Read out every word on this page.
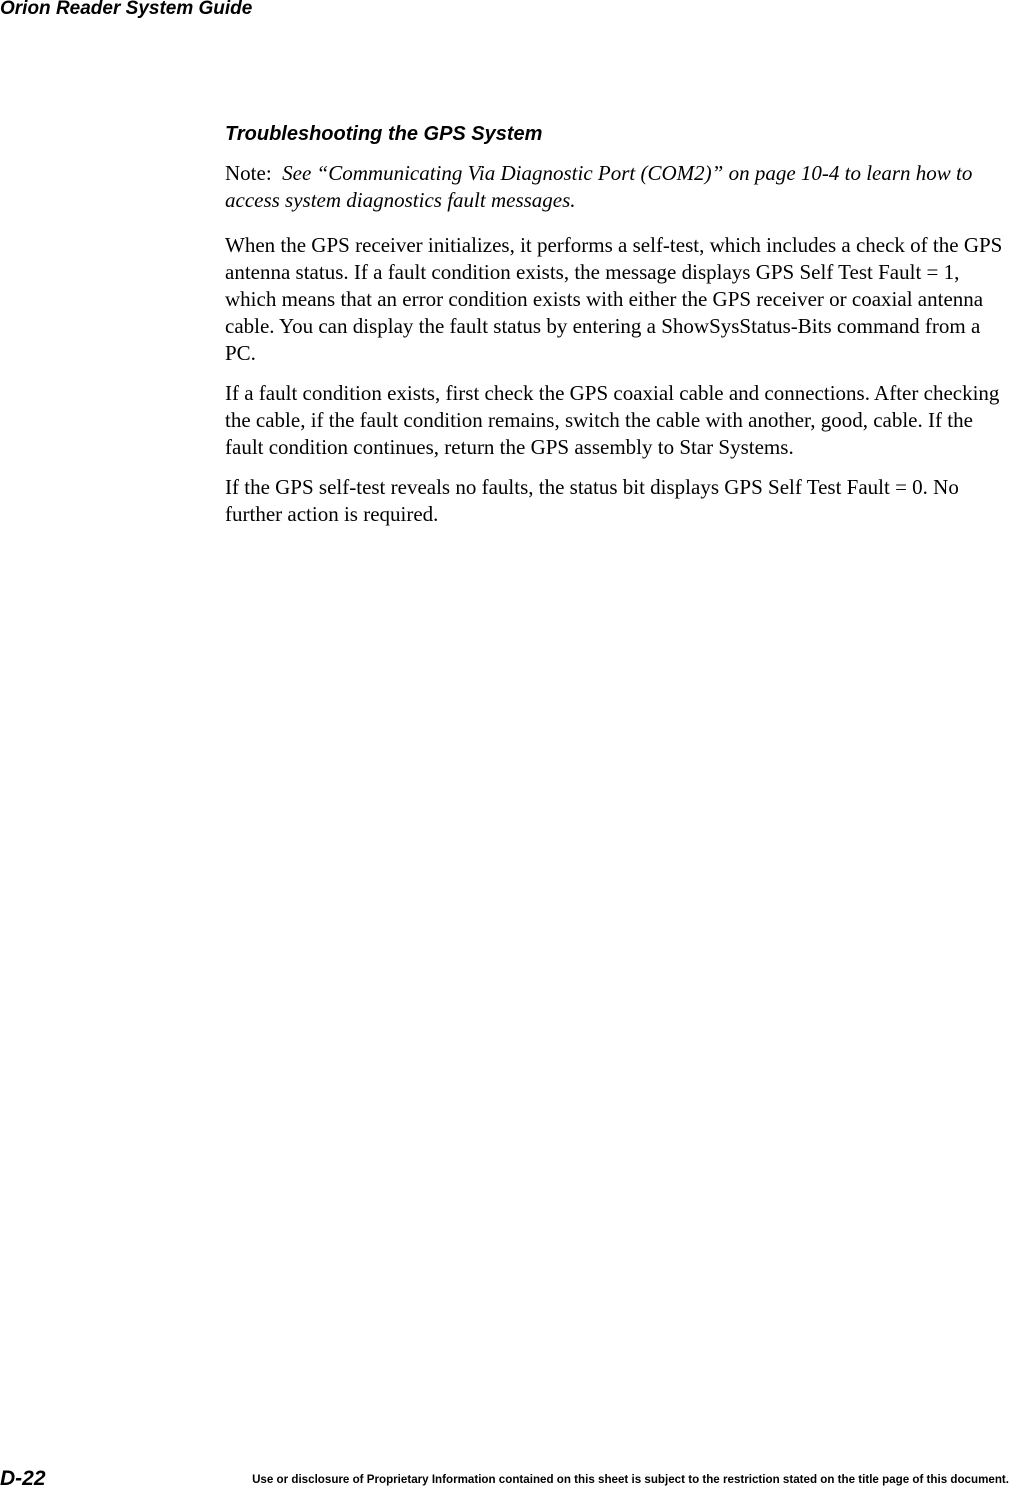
Orion Reader System Guide
Troubleshooting the GPS System

Note: See “Communicating Via Diagnostic Port (COM2)” on page 10-4 to learn how to access system diagnostics fault messages.

When the GPS receiver initializes, it performs a self-test, which includes a check of the GPS antenna status. If a fault condition exists, the message displays GPS Self Test Fault = 1, which means that an error condition exists with either the GPS receiver or coaxial antenna cable. You can display the fault status by entering a ShowSysStatus-Bits command from a PC.

If a fault condition exists, first check the GPS coaxial cable and connections. After checking the cable, if the fault condition remains, switch the cable with another, good, cable. If the fault condition continues, return the GPS assembly to Star Systems.

If the GPS self-test reveals no faults, the status bit displays GPS Self Test Fault = 0. No further action is required.

D-22	Use or disclosure of Proprietary Information contained on this sheet is subject to the restriction stated on the title page of this document.
